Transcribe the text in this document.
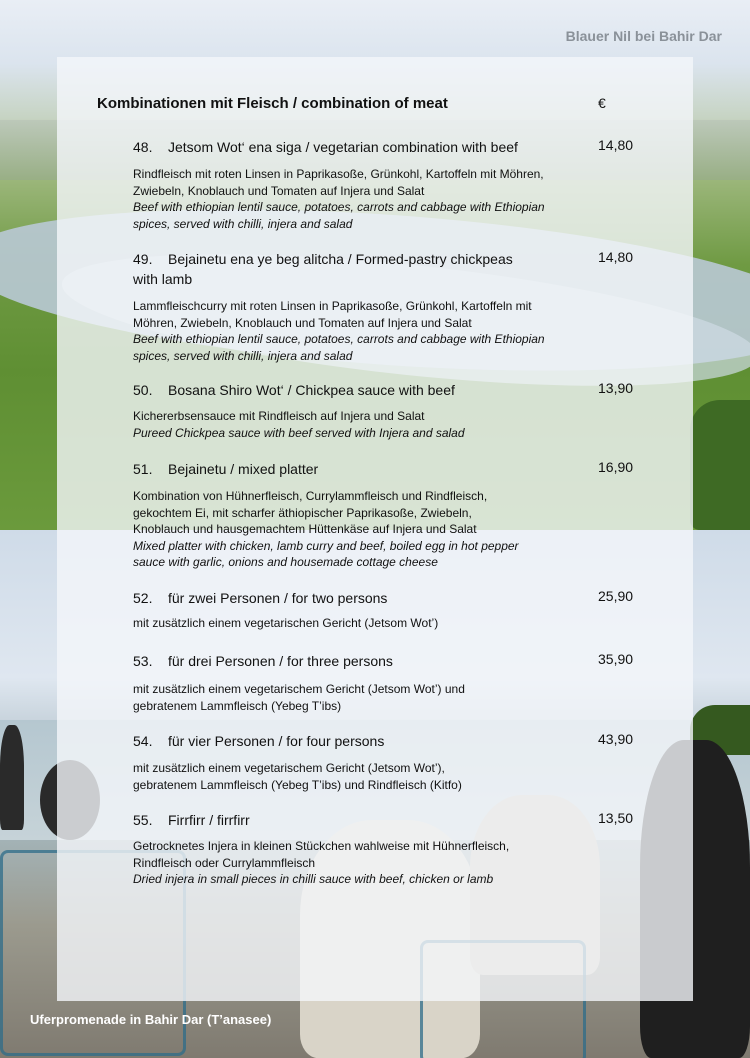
Blauer Nil bei Bahir Dar
Kombinationen mit Fleisch / combination of meat	€
48. Jetsom Wot‘ ena siga / vegetarian combination with beef
Rindfleisch mit roten Linsen in Paprikasoße, Grünkohl, Kartoffeln mit Möhren,
Zwiebeln, Knoblauch und Tomaten auf Injera und Salat
Beef with ethiopian lentil sauce, potatoes, carrots and cabbage with Ethiopian
spices, served with chilli, injera and salad
14,80
49. Bejainetu ena ye beg alitcha / Formed-pastry chickpeas
with lamb
Lammfleischcurry mit roten Linsen in Paprikasoße, Grünkohl, Kartoffeln mit
Möhren, Zwiebeln, Knoblauch und Tomaten auf Injera und Salat
Beef with ethiopian lentil sauce, potatoes, carrots and cabbage with Ethiopian
spices, served with chilli, injera and salad
14,80
50. Bosana Shiro Wot‘ / Chickpea sauce with beef
Kichererbsensauce mit Rindfleisch auf Injera und Salat
Pureed Chickpea sauce with beef served with Injera and salad
13,90
51. Bejainetu / mixed platter
Kombination von Hühnerfleisch, Currylammfleisch und Rindfleisch,
gekochtem Ei, mit scharfer äthiopischer Paprikasoße, Zwiebeln,
Knoblauch und hausgemachtem Hüttenkäse auf Injera und Salat
Mixed platter with chicken, lamb curry and beef, boiled egg in hot pepper
sauce with garlic, onions and housemade cottage cheese
16,90
52. für zwei Personen / for two persons
mit zusätzlich einem vegetarischen Gericht (Jetsom Wot’)
25,90
53. für drei Personen / for three persons
mit zusätzlich einem vegetarischem Gericht (Jetsom Wot’) und
gebratenem Lammfleisch (Yebeg T’ibs)
35,90
54. für vier Personen / for four persons
mit zusätzlich einem vegetarischem Gericht (Jetsom Wot’),
gebratenem Lammfleisch (Yebeg T’ibs) und Rindfleisch (Kitfo)
43,90
55. Firrfirr / firrfirr
Getrocknetes Injera in kleinen Stückchen wahlweise mit Hühnerfleisch,
Rindfleisch oder Currylammfleisch
Dried injera in small pieces in chilli sauce with beef, chicken or lamb
13,50
Uferpromenade in Bahir Dar (T’anasee)
